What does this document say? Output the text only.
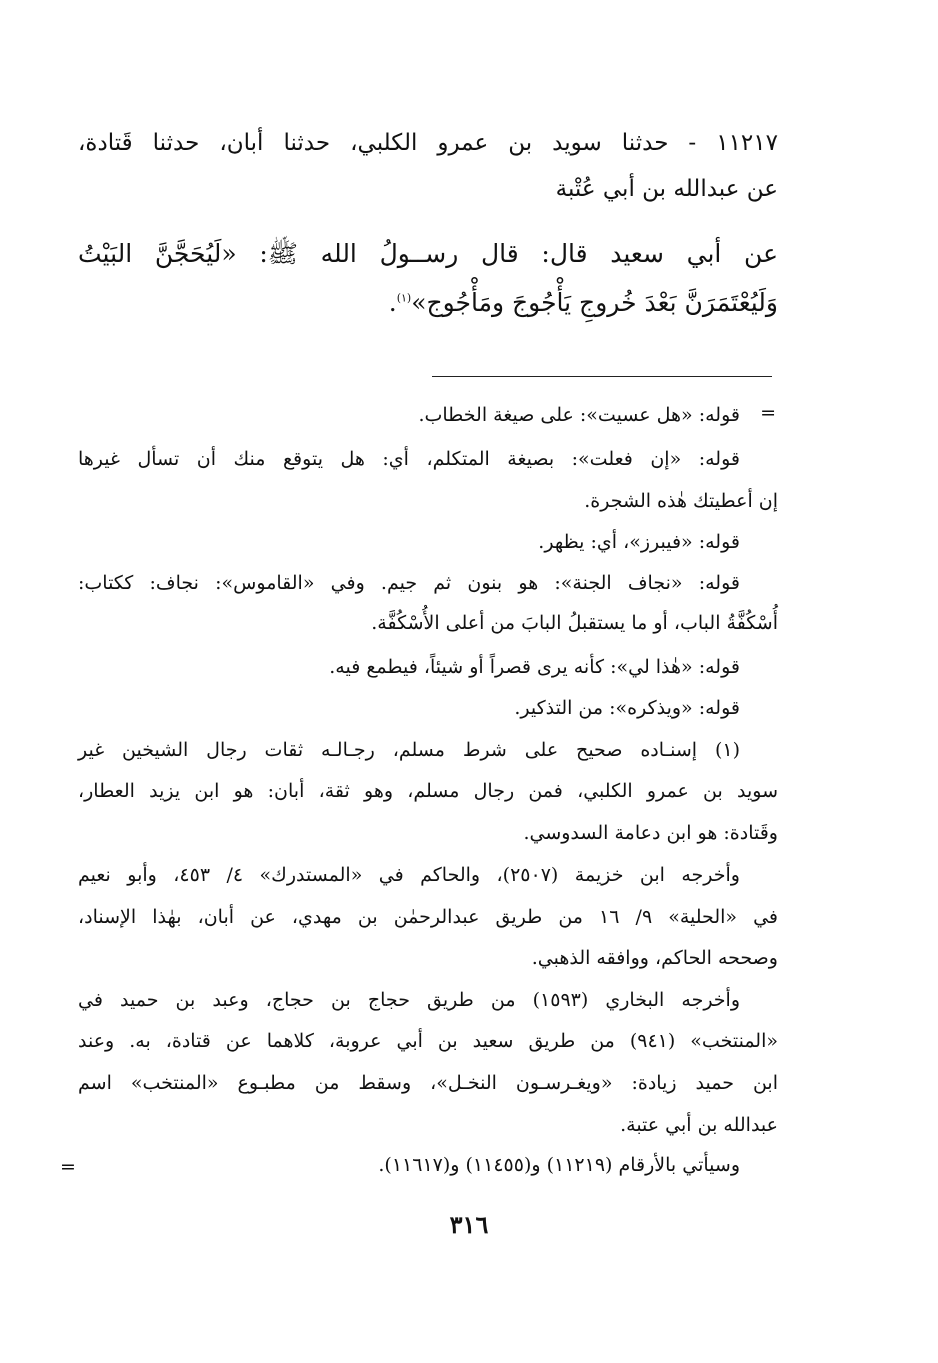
١١٢١٧ - حدثنا سويد بن عمرو الكلبي، حدثنا أبان، حدثنا قَتادة،
عن عبدالله بن أبي عُتْبة
عن أبي سعيد قال: قال رســولُ الله ﷺ: «لَيُحَجَّنَّ البَيْتُ
وَلَيُعْتَمَرَنَّ بَعْدَ خُروجِ يَأْجُوجَ ومَأْجُوج»$^{(١)}$.
=
قوله: «هل عسيت»: على صيغة الخطاب.
قوله: «إن فعلت»: بصيغة المتكلم، أي: هل يتوقع منك أن تسأل غيرها
إن أعطيتك هٰذه الشجرة.
قوله: «فيبرز»، أي: يظهر.
قوله: «نجاف الجنة»: هو بنون ثم جيم. وفي «القاموس»: نجاف: ككتاب:
أُسْكُفَّةُ الباب، أو ما يستقبلُ البابَ من أعلى الأُسْكُفَّة.
قوله: «هٰذا لي»: كأنه يرى قصراً أو شيئاً، فيطمع فيه.
قوله: «ويذكره»: من التذكير.
(١) إسنـاده صحيح على شرط مسلم، رجـالـه ثقات رجال الشيخين غير
سويد بن عمرو الكلبي، فمن رجال مسلم، وهو ثقة، أبان: هو ابن يزيد العطار،
وقَتادة: هو ابن دعامة السدوسي.
وأخرجه ابن خزيمة (٢٥٠٧)، والحاكم في «المستدرك» ٤/ ٤٥٣، وأبو نعيم
في «الحلية» ٩/ ١٦ من طريق عبدالرحمٰن بن مهدي، عن أبان، بهٰذا الإسناد،
وصححه الحاكم، ووافقه الذهبي.
وأخرجه البخاري (١٥٩٣) من طريق حجاج بن حجاج، وعبد بن حميد في
«المنتخب» (٩٤١) من طريق سعيد بن أبي عروبة، كلاهما عن قتادة، به. وعند
ابن حميد زيادة: «ويغـرسـون النخـل»، وسقط من مطبـوع «المنتخب» اسم
عبدالله بن أبي عتبة.
وسيأتي بالأرقام (١١٢١٩) و(١١٤٥٥) و(١١٦١٧).
=
٣١٦
